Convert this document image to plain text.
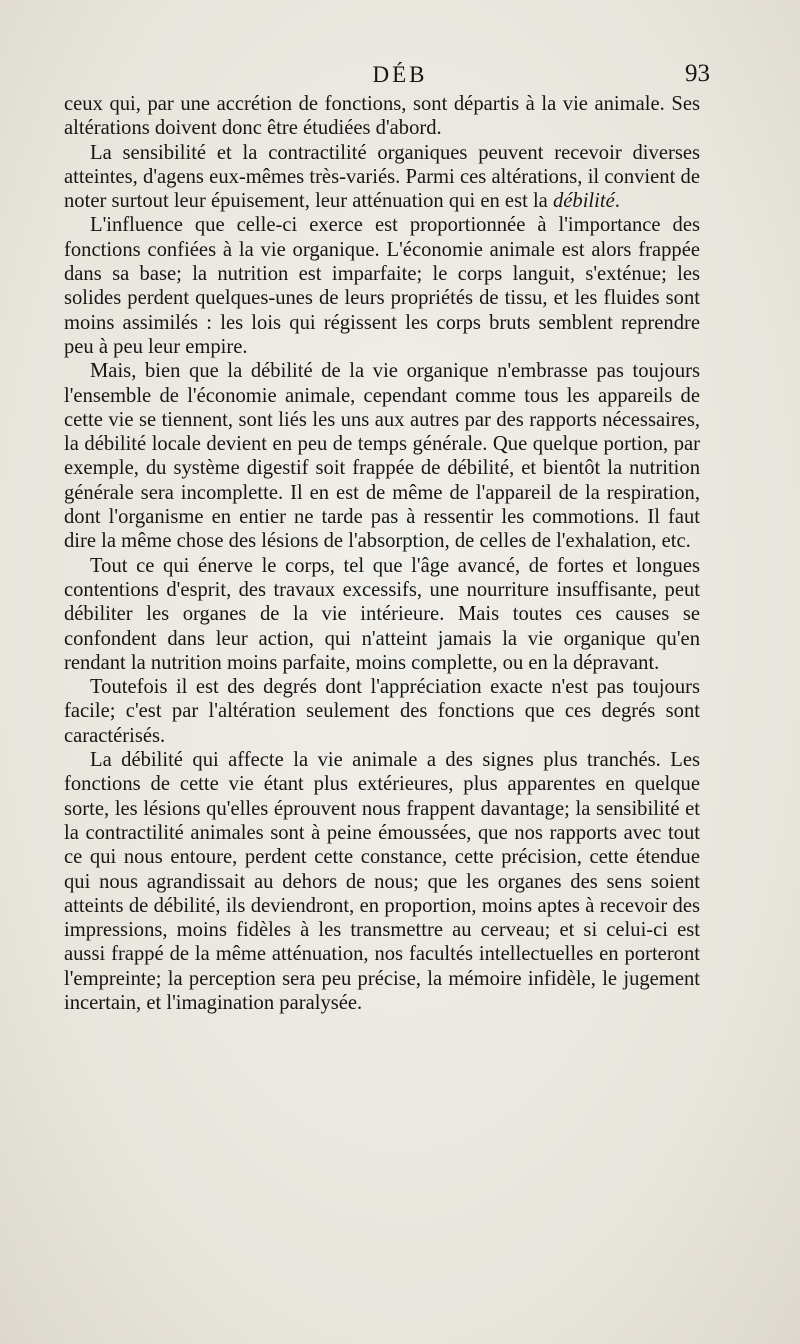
DÉB	93

ceux qui, par une accrétion de fonctions, sont départis à la vie animale. Ses altérations doivent donc être étudiées d'abord.

La sensibilité et la contractilité organiques peuvent recevoir diverses atteintes, d'agens eux-mêmes très-variés. Parmi ces altérations, il convient de noter surtout leur épuisement, leur atténuation qui en est la débilité.

L'influence que celle-ci exerce est proportionnée à l'importance des fonctions confiées à la vie organique. L'économie animale est alors frappée dans sa base; la nutrition est imparfaite; le corps languit, s'exténue; les solides perdent quelques-unes de leurs propriétés de tissu, et les fluides sont moins assimilés : les lois qui régissent les corps bruts semblent reprendre peu à peu leur empire.

Mais, bien que la débilité de la vie organique n'embrasse pas toujours l'ensemble de l'économie animale, cependant comme tous les appareils de cette vie se tiennent, sont liés les uns aux autres par des rapports nécessaires, la débilité locale devient en peu de temps générale. Que quelque portion, par exemple, du système digestif soit frappée de débilité, et bientôt la nutrition générale sera incomplette. Il en est de même de l'appareil de la respiration, dont l'organisme en entier ne tarde pas à ressentir les commotions. Il faut dire la même chose des lésions de l'absorption, de celles de l'exhalation, etc.

Tout ce qui énerve le corps, tel que l'âge avancé, de fortes et longues contentions d'esprit, des travaux excessifs, une nourriture insuffisante, peut débiliter les organes de la vie intérieure. Mais toutes ces causes se confondent dans leur action, qui n'atteint jamais la vie organique qu'en rendant la nutrition moins parfaite, moins complette, ou en la dépravant.

Toutefois il est des degrés dont l'appréciation exacte n'est pas toujours facile; c'est par l'altération seulement des fonctions que ces degrés sont caractérisés.

La débilité qui affecte la vie animale a des signes plus tranchés. Les fonctions de cette vie étant plus extérieures, plus apparentes en quelque sorte, les lésions qu'elles éprouvent nous frappent davantage; la sensibilité et la contractilité animales sont à peine émoussées, que nos rapports avec tout ce qui nous entoure, perdent cette constance, cette précision, cette étendue qui nous agrandissait au dehors de nous; que les organes des sens soient atteints de débilité, ils deviendront, en proportion, moins aptes à recevoir des impressions, moins fidèles à les transmettre au cerveau; et si celui-ci est aussi frappé de la même atténuation, nos facultés intellectuelles en porteront l'empreinte; la perception sera peu précise, la mémoire infidèle, le jugement incertain, et l'imagination paralysée.
